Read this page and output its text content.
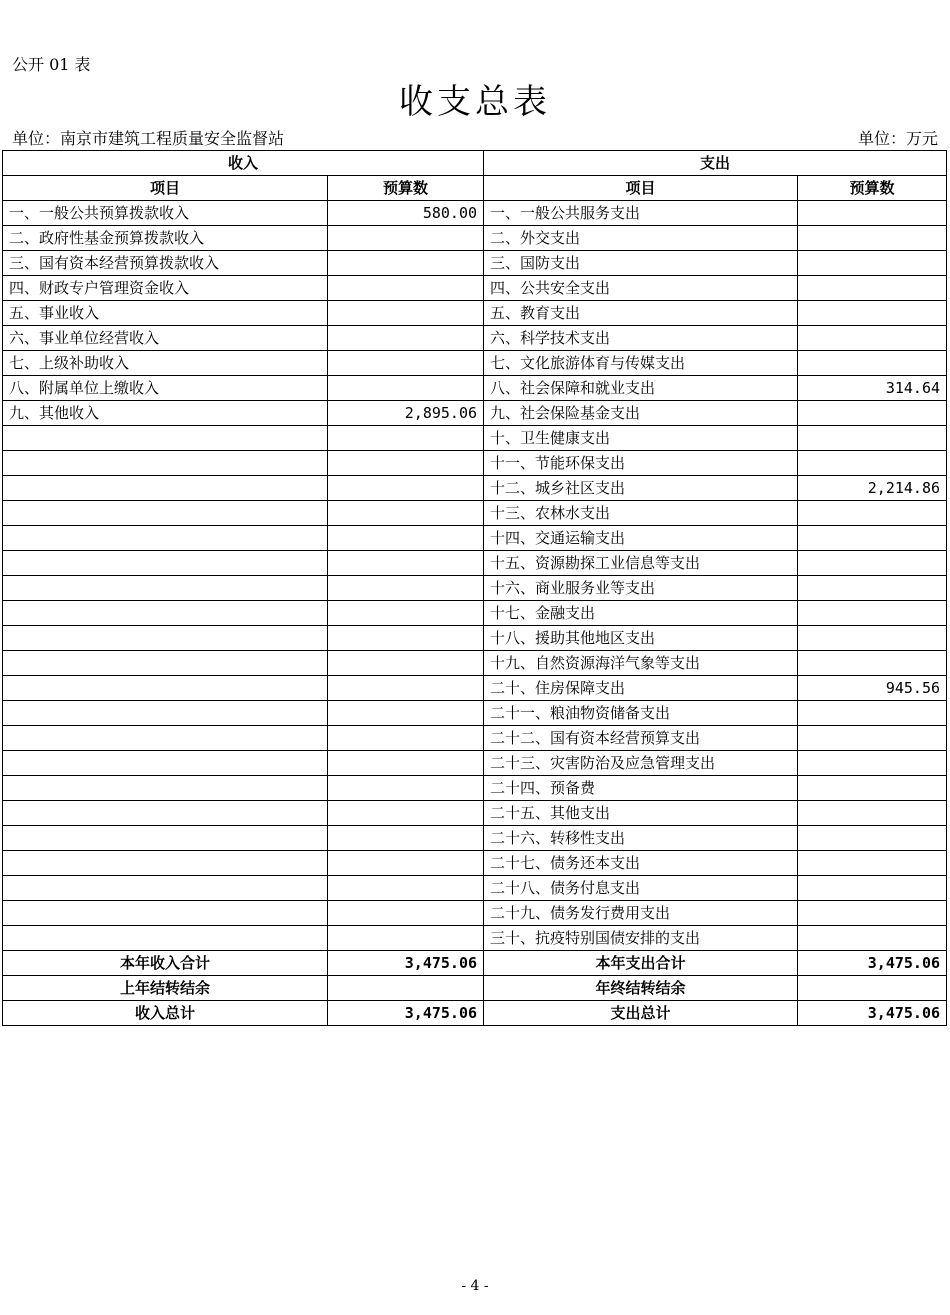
公开 01 表
收支总表
单位：南京市建筑工程质量安全监督站	单位：万元
收入		支出	
项目	预算数	项目	预算数
一、一般公共预算拨款收入	580.00	一、一般公共服务支出	
二、政府性基金预算拨款收入		二、外交支出	
三、国有资本经营预算拨款收入		三、国防支出	
四、财政专户管理资金收入		四、公共安全支出	
五、事业收入		五、教育支出	
六、事业单位经营收入		六、科学技术支出	
七、上级补助收入		七、文化旅游体育与传媒支出	
八、附属单位上缴收入		八、社会保障和就业支出	314.64
九、其他收入	2,895.06	九、社会保险基金支出	
		十、卫生健康支出	
		十一、节能环保支出	
		十二、城乡社区支出	2,214.86
		十三、农林水支出	
		十四、交通运输支出	
		十五、资源勘探工业信息等支出	
		十六、商业服务业等支出	
		十七、金融支出	
		十八、援助其他地区支出	
		十九、自然资源海洋气象等支出	
		二十、住房保障支出	945.56
		二十一、粮油物资储备支出	
		二十二、国有资本经营预算支出	
		二十三、灾害防治及应急管理支出	
		二十四、预备费	
		二十五、其他支出	
		二十六、转移性支出	
		二十七、债务还本支出	
		二十八、债务付息支出	
		二十九、债务发行费用支出	
		三十、抗疫特别国债安排的支出	
本年收入合计	3,475.06	本年支出合计	3,475.06
上年结转结余		年终结转结余	
收入总计	3,475.06	支出总计	3,475.06
- 4 -
